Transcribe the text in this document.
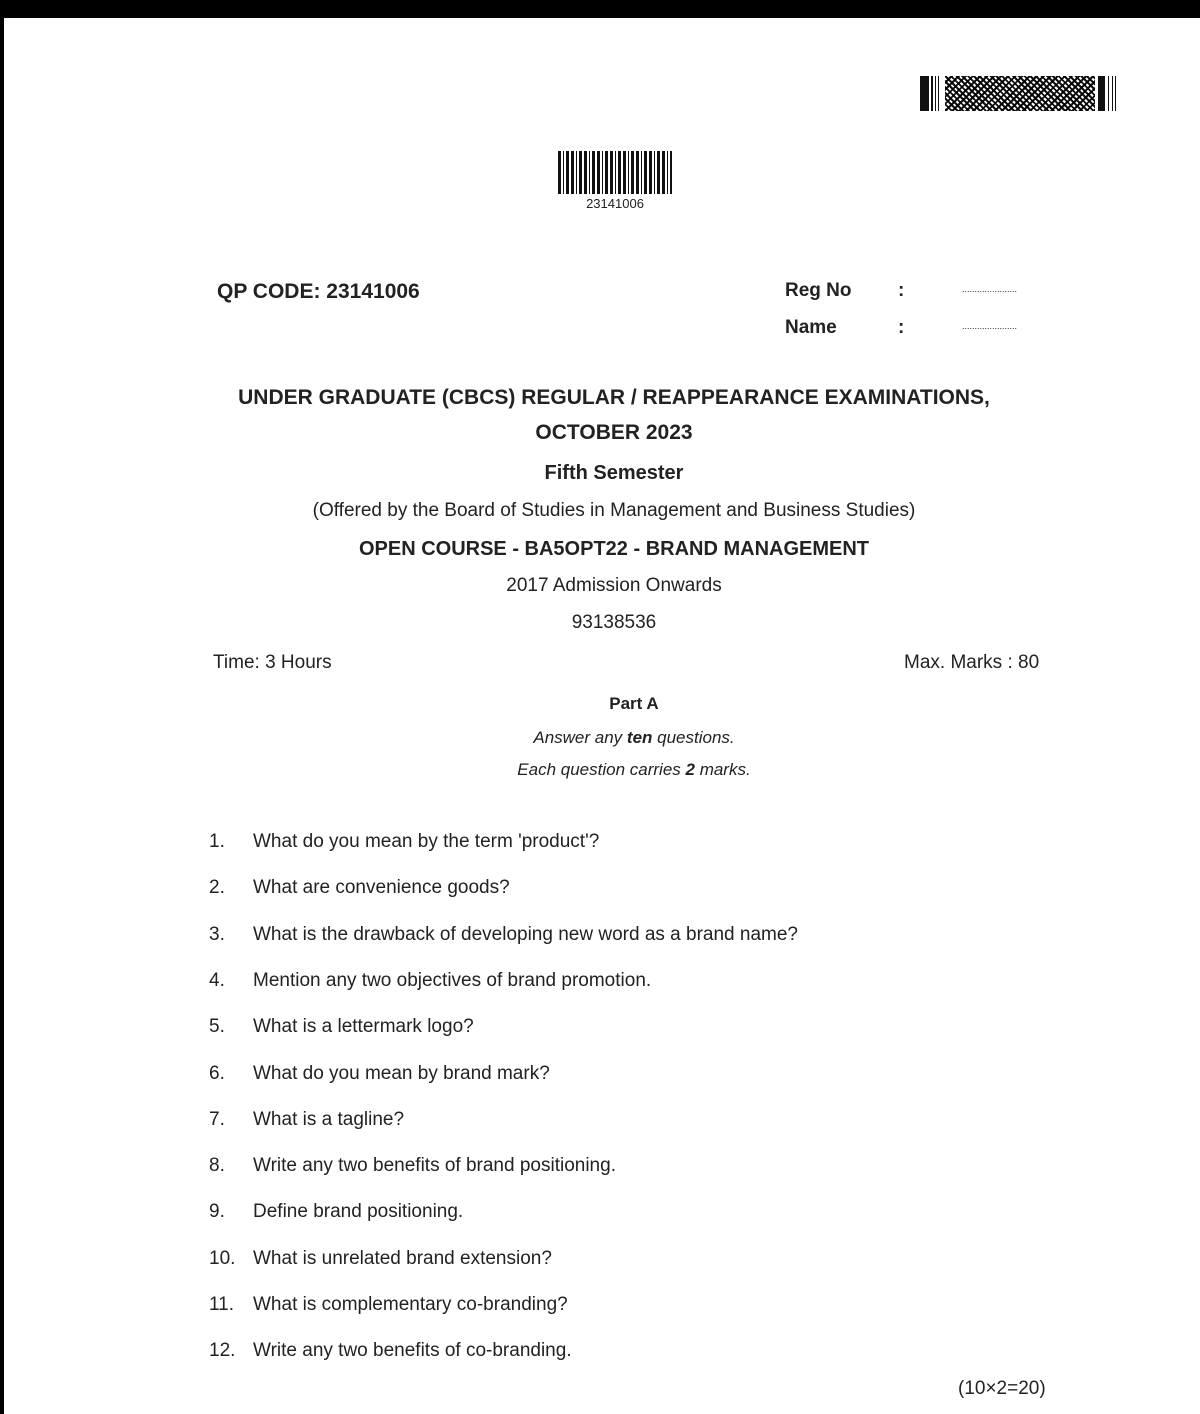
23141006
QP CODE: 23141006	Reg No :	......................
Name	:	......................
UNDER GRADUATE (CBCS) REGULAR / REAPPEARANCE EXAMINATIONS,
OCTOBER 2023
Fifth Semester
(Offered by the Board of Studies in Management and Business Studies)
OPEN COURSE - BA5OPT22 - BRAND MANAGEMENT
2017 Admission Onwards
93138536
Time: 3 Hours	Max. Marks : 80
Part A
Answer any ten questions.
Each question carries 2 marks.
1. What do you mean by the term 'product'?
2. What are convenience goods?
3. What is the drawback of developing new word as a brand name?
4. Mention any two objectives of brand promotion.
5. What is a lettermark logo?
6. What do you mean by brand mark?
7. What is a tagline?
8. Write any two benefits of brand positioning.
9. Define brand positioning.
10. What is unrelated brand extension?
11. What is complementary co-branding?
12. Write any two benefits of co-branding.
(10×2=20)
